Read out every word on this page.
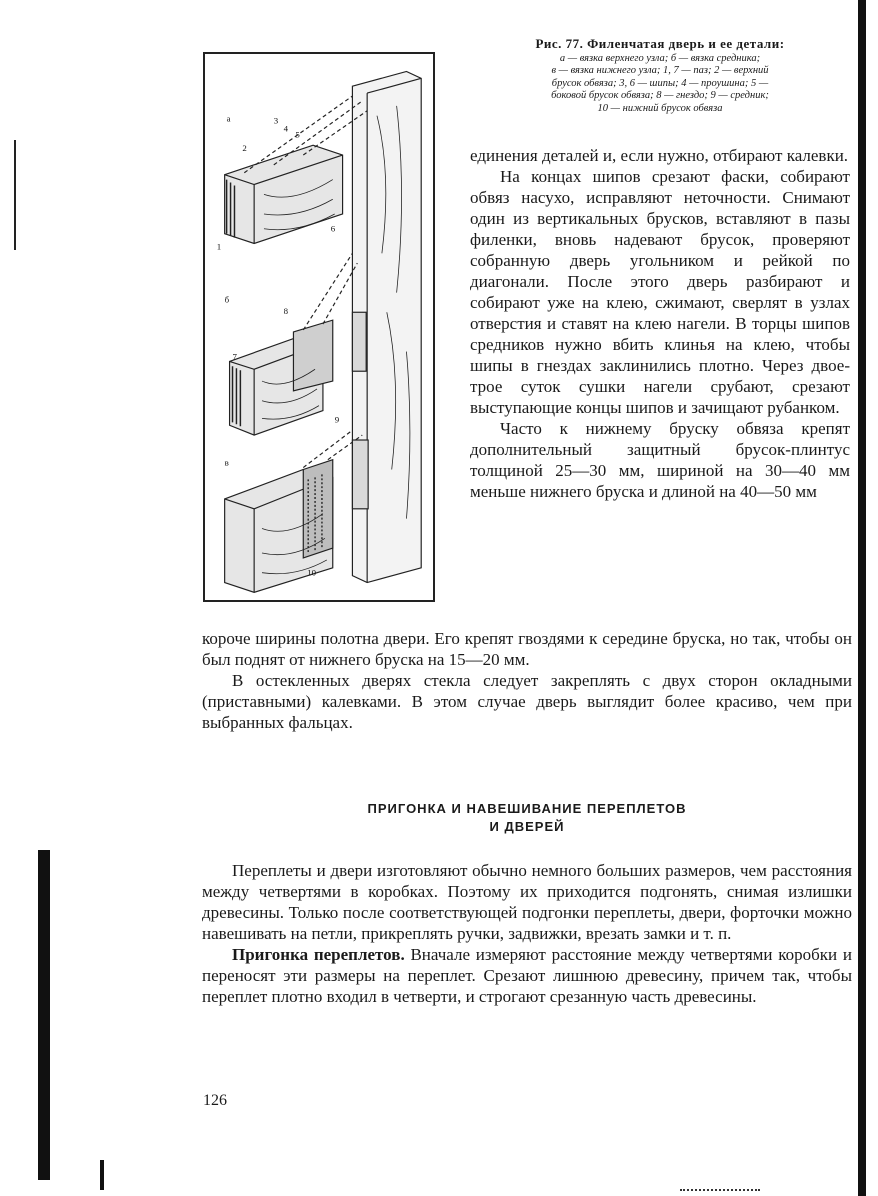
а
б
в
1
2
3
4
5
6
7
8
9
10
Рис. 77. Филенчатая дверь и ее детали:
а — вязка верхнего узла; б — вязка средника;
в — вязка нижнего узла; 1, 7 — паз; 2 — верхний
брусок обвяза; 3, 6 — шипы; 4 — проушина; 5 —
боковой брусок обвяза; 8 — гнездо; 9 — средник;
10 — нижний брусок обвяза

единения деталей и, если нужно, отбирают калевки.

На концах шипов срезают фаски, собирают обвяз насухо, исправляют неточности. Снимают один из вертикальных брусков, вставляют в пазы филенки, вновь надевают брусок, проверяют собранную дверь угольником и рейкой по диагонали. После этого дверь разбирают и собирают уже на клею, сжимают, сверлят в узлах отверстия и ставят на клею нагели. В торцы шипов средников нужно вбить клинья на клею, чтобы шипы в гнездах заклинились плотно. Через двое-трое суток сушки нагели срубают, срезают выступающие концы шипов и зачищают рубанком.

Часто к нижнему бруску обвяза крепят дополнительный защитный брусок-плинтус толщиной 25—30 мм, шириной на 30—40 мм меньше нижнего бруска и длиной на 40—50 мм

короче ширины полотна двери. Его крепят гвоздями к середине бруска, но так, чтобы он был поднят от нижнего бруска на 15—20 мм.

В остекленных дверях стекла следует закреплять с двух сторон окладными (приставными) калевками. В этом случае дверь выглядит более красиво, чем при выбранных фальцах.

ПРИГОНКА И НАВЕШИВАНИЕ ПЕРЕПЛЕТОВ
И ДВЕРЕЙ

Переплеты и двери изготовляют обычно немного больших размеров, чем расстояния между четвертями в коробках. Поэтому их приходится подгонять, снимая излишки древесины. Только после соответствующей подгонки переплеты, двери, форточки можно навешивать на петли, прикреплять ручки, задвижки, врезать замки и т. п.

Пригонка переплетов. Вначале измеряют расстояние между четвертями коробки и переносят эти размеры на переплет. Срезают лишнюю древесину, причем так, чтобы переплет плотно входил в четверти, и строгают срезанную часть древесины.

126
